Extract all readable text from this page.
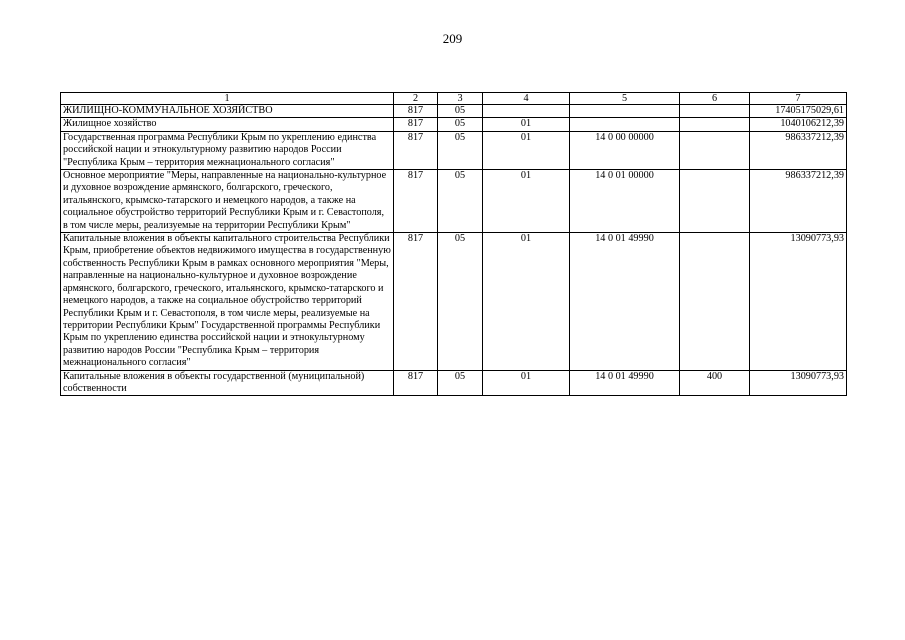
209
1	2	3	4	5	6	7
ЖИЛИЩНО-КОММУНАЛЬНОЕ ХОЗЯЙСТВО	817	05				17405175029,61
Жилищное хозяйство	817	05	01			1040106212,39
Государственная программа Республики Крым по укреплению единства российской нации и этнокультурному развитию народов России "Республика Крым – территория межнационального согласия"	817	05	01	14 0 00 00000		986337212,39
Основное мероприятие "Меры, направленные на национально-культурное и духовное возрождение армянского, болгарского, греческого, итальянского, крымско-татарского и немецкого народов, а также на социальное обустройство территорий Республики Крым и г. Севастополя, в том числе меры, реализуемые на территории Республики Крым"	817	05	01	14 0 01 00000		986337212,39
Капитальные вложения в объекты капитального строительства Республики Крым, приобретение объектов недвижимого имущества в государственную собственность Республики Крым в рамках основного мероприятия "Меры, направленные на национально-культурное и духовное возрождение армянского, болгарского, греческого, итальянского, крымско-татарского и немецкого народов, а также на социальное обустройство территорий Республики Крым и г. Севастополя, в том числе меры, реализуемые на территории Республики Крым" Государственной программы Республики Крым по укреплению единства российской нации и этнокультурному развитию народов России "Республика Крым – территория межнационального согласия"	817	05	01	14 0 01 49990		13090773,93
Капитальные вложения в объекты государственной (муниципальной) собственности	817	05	01	14 0 01 49990	400	13090773,93
